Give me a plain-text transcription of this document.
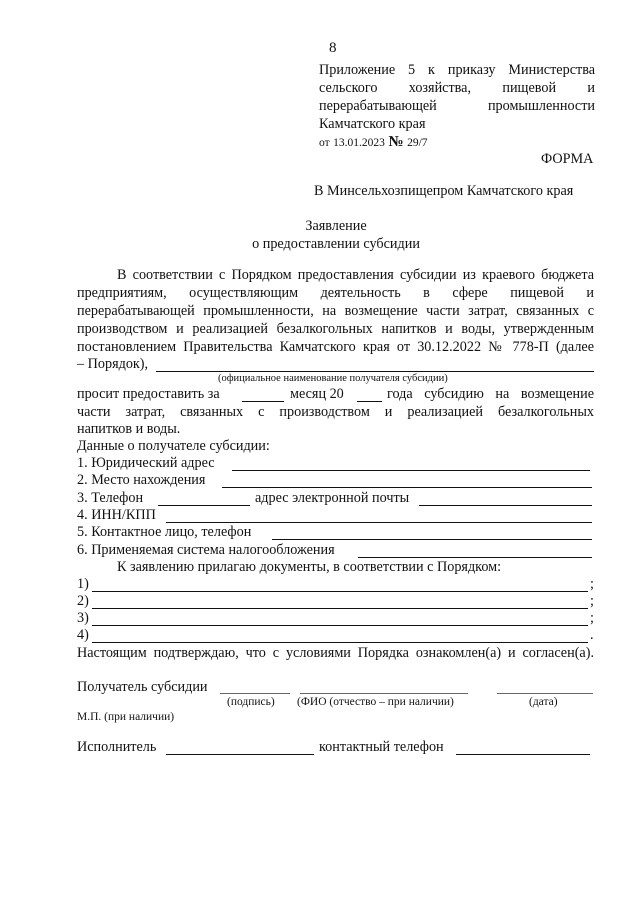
8
Приложение 5 к приказу Министерства
сельского хозяйства, пищевой и
перерабатывающей промышленности
Камчатского края
от 13.01.2023 № 29/7
ФОРМА
В Минсельхозпищепром Камчатского края
Заявление
о предоставлении субсидии
В соответствии с Порядком предоставления субсидии из краевого бюджета
предприятиям, осуществляющим деятельность в сфере пищевой и
перерабатывающей промышленности, на возмещение части затрат, связанных с
производством и реализацией безалкогольных напитков и воды, утвержденным
постановлением Правительства Камчатского края от 30.12.2022 № 778-П (далее
– Порядок),
(официальное наименование получателя субсидии)
просит предоставить за	месяц 20	года субсидию на возмещение
части затрат, связанных с производством и реализацией безалкогольных
напитков и воды.
Данные о получателе субсидии:
1. Юридический адрес
2. Место нахождения
3. Телефон	адрес электронной почты
4. ИНН/КПП
5. Контактное лицо, телефон
6. Применяемая система налогообложения
К заявлению прилагаю документы, в соответствии с Порядком:
1)	;
2)	;
3)	;
4)	.
Настоящим подтверждаю, что с условиями Порядка ознакомлен(а) и согласен(а).
Получатель субсидии
(подпись) (ФИО (отчество – при наличии)	(дата)
М.П. (при наличии)
Исполнитель	контактный телефон
